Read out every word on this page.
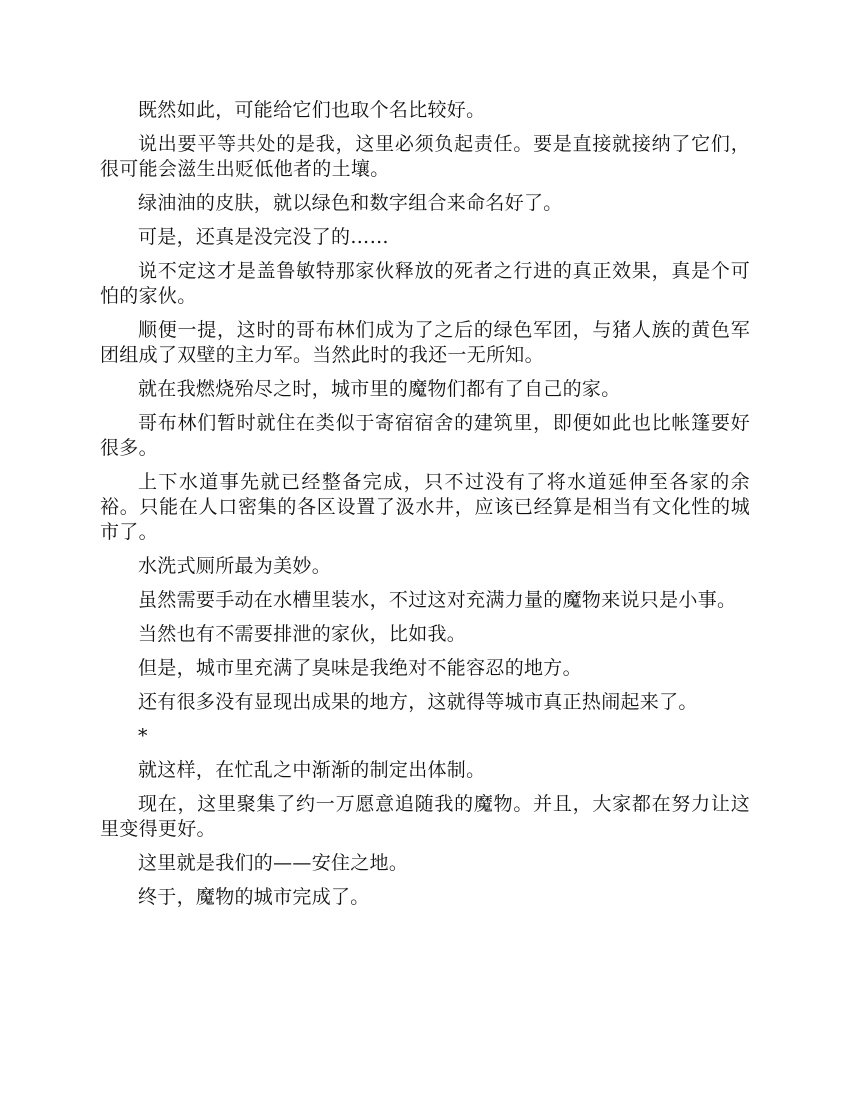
既然如此，可能给它们也取个名比较好。

说出要平等共处的是我，这里必须负起责任。要是直接就接纳了它们，很可能会滋生出贬低他者的土壤。

绿油油的皮肤，就以绿色和数字组合来命名好了。

可是，还真是没完没了的……

说不定这才是盖鲁敏特那家伙释放的死者之行进的真正效果，真是个可怕的家伙。

顺便一提，这时的哥布林们成为了之后的绿色军团，与猪人族的黄色军团组成了双壁的主力军。当然此时的我还一无所知。

就在我燃烧殆尽之时，城市里的魔物们都有了自己的家。

哥布林们暂时就住在类似于寄宿宿舍的建筑里，即便如此也比帐篷要好很多。

上下水道事先就已经整备完成，只不过没有了将水道延伸至各家的余裕。只能在人口密集的各区设置了汲水井，应该已经算是相当有文化性的城市了。

水洗式厕所最为美妙。

虽然需要手动在水槽里装水，不过这对充满力量的魔物来说只是小事。

当然也有不需要排泄的家伙，比如我。

但是，城市里充满了臭味是我绝对不能容忍的地方。

还有很多没有显现出成果的地方，这就得等城市真正热闹起来了。

*

就这样，在忙乱之中渐渐的制定出体制。

现在，这里聚集了约一万愿意追随我的魔物。并且，大家都在努力让这里变得更好。

这里就是我们的——安住之地。

终于，魔物的城市完成了。
